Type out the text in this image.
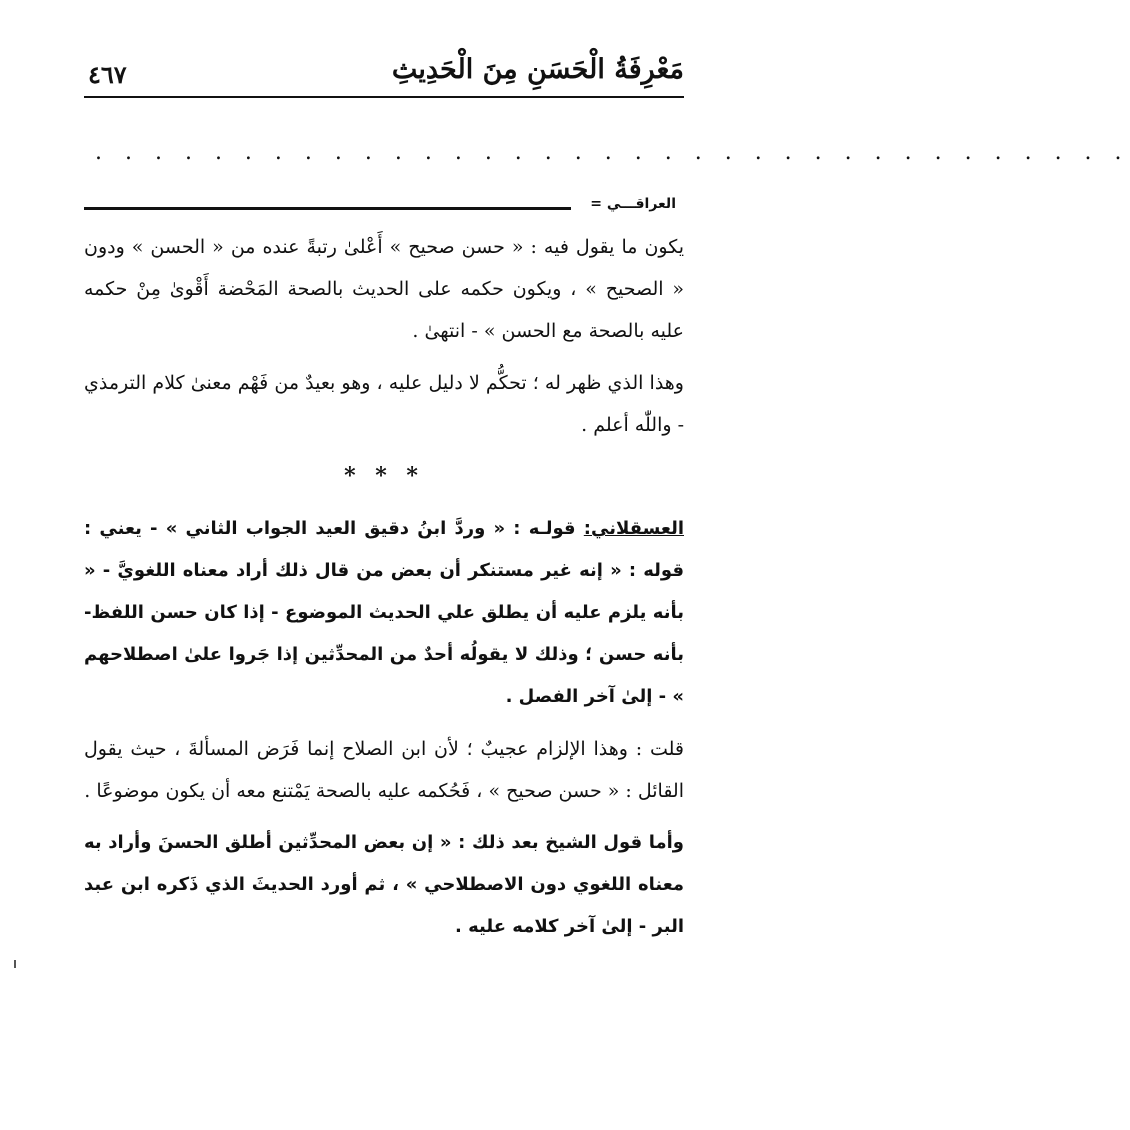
مَعْرِفَةُ الْحَسَنِ مِنَ الْحَدِيثِ
٤٦٧
. . . . . . . . . . . . . . . . . . . . . . . . . . . . . . . . . . .
العراقـــي =

يكون ما يقول فيه : « حسن صحيح » أَعْلىٰ رتبةً عنده من « الحسن » ودون « الصحيح » ، ويكون حكمه على الحديث بالصحة المَحْضة أَقْوىٰ مِنْ حكمه عليه بالصحة مع الحسن » - انتهىٰ .

وهذا الذي ظهر له ؛ تحكُّم لا دليل عليه ، وهو بعيدٌ من فَهْم معنىٰ كلام الترمذي - واللّٰه أعلم .

* * *

العسقلاني: قولـه : « وردَّ ابنُ دقيق العيد الجواب الثاني » - يعني : قوله : « إنه غير مستنكر أن بعض من قال ذلك أراد معناه اللغويَّ - « بأنه يلزم عليه أن يطلق علي الحديث الموضوع - إذا كان حسن اللفظ- بأنه حسن ؛ وذلك لا يقولُه أحدٌ من المحدِّثين إذا جَروا علىٰ اصطلاحهم » - إلىٰ آخر الفصل .

قلت : وهذا الإلزام عجيبٌ ؛ لأن ابن الصلاح إنما فَرَض المسألةَ ، حيث يقول القائل : « حسن صحيح » ، فَحُكمه عليه بالصحة يَمْتنع معه أن يكون موضوعًا .

وأما قول الشيخ بعد ذلك : « إن بعض المحدِّثين أطلق الحسنَ وأراد به معناه اللغوي دون الاصطلاحي » ، ثم أورد الحديثَ الذي ذَكره ابن عبد البر - إلىٰ آخر كلامه عليه .
